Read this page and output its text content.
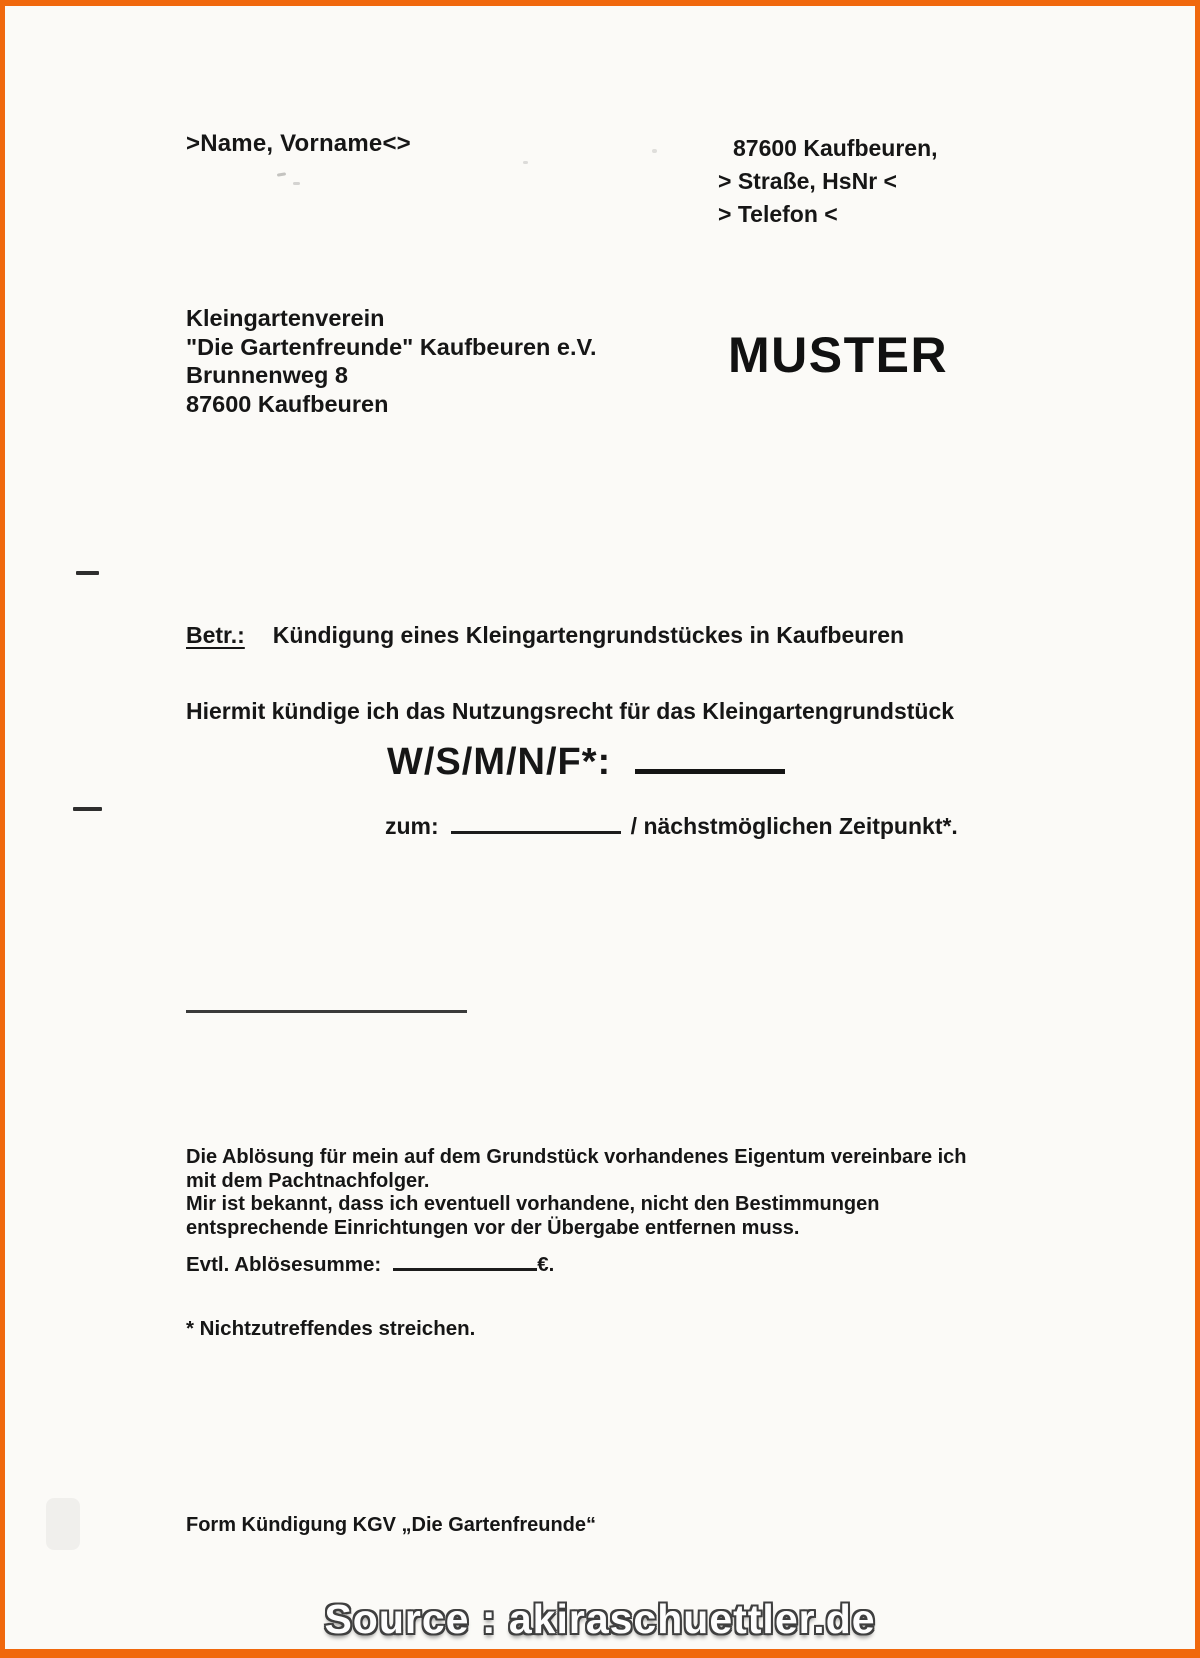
>Name, Vorname<>	87600 Kaufbeuren,
> Straße, HsNr <
> Telefon <
Kleingartenverein
"Die Gartenfreunde" Kaufbeuren e.V.
Brunnenweg 8
87600 Kaufbeuren
MUSTER
Betr.: Kündigung eines Kleingartengrundstückes in Kaufbeuren
Hiermit kündige ich das Nutzungsrecht für das Kleingartengrundstück
W/S/M/N/F*:
zum:	/ nächstmöglichen Zeitpunkt*.

Die Ablösung für mein auf dem Grundstück vorhandenes Eigentum vereinbare ich mit dem Pachtnachfolger.

Mir ist bekannt, dass ich eventuell vorhandene, nicht den Bestimmungen entsprechende Einrichtungen vor der Übergabe entfernen muss.

Evtl. Ablösesumme:	€.
* Nichtzutreffendes streichen.
Form Kündigung KGV „Die Gartenfreunde“
Source : akiraschuettler.de
